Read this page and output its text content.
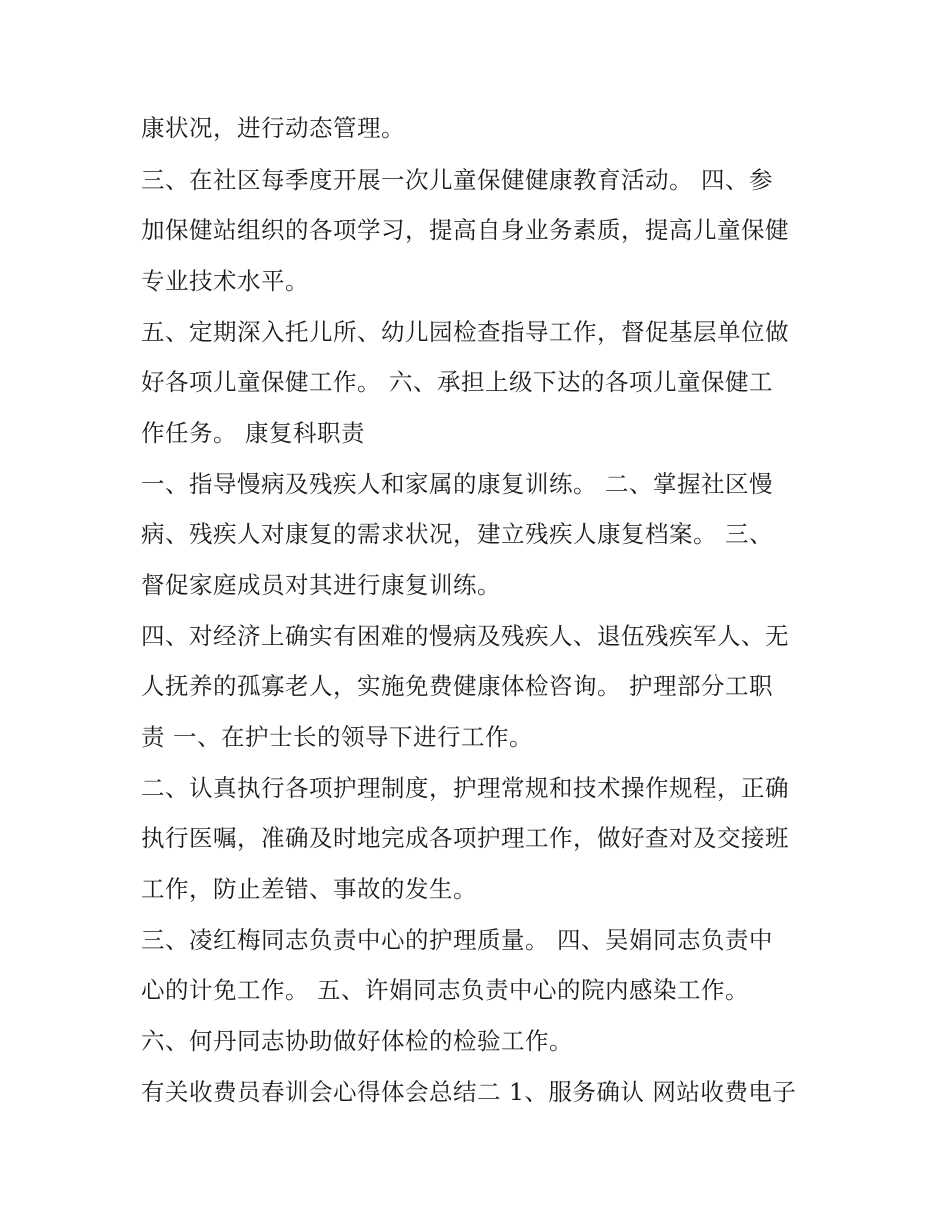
康状况，进行动态管理。
三、在社区每季度开展一次儿童保健健康教育活动。 四、参
加保健站组织的各项学习，提高自身业务素质，提高儿童保健
专业技术水平。
五、定期深入托儿所、幼儿园检查指导工作，督促基层单位做
好各项儿童保健工作。 六、承担上级下达的各项儿童保健工
作任务。 康复科职责
一、指导慢病及残疾人和家属的康复训练。 二、掌握社区慢
病、残疾人对康复的需求状况，建立残疾人康复档案。 三、
督促家庭成员对其进行康复训练。
四、对经济上确实有困难的慢病及残疾人、退伍残疾军人、无
人抚养的孤寡老人，实施免费健康体检咨询。 护理部分工职
责 一、在护士长的领导下进行工作。
二、认真执行各项护理制度，护理常规和技术操作规程，正确
执行医嘱，准确及时地完成各项护理工作，做好查对及交接班
工作，防止差错、事故的发生。
三、凌红梅同志负责中心的护理质量。 四、吴娟同志负责中
心的计免工作。 五、许娟同志负责中心的院内感染工作。
六、何丹同志协助做好体检的检验工作。
有关收费员春训会心得体会总结二 1、服务确认 网站收费电子
